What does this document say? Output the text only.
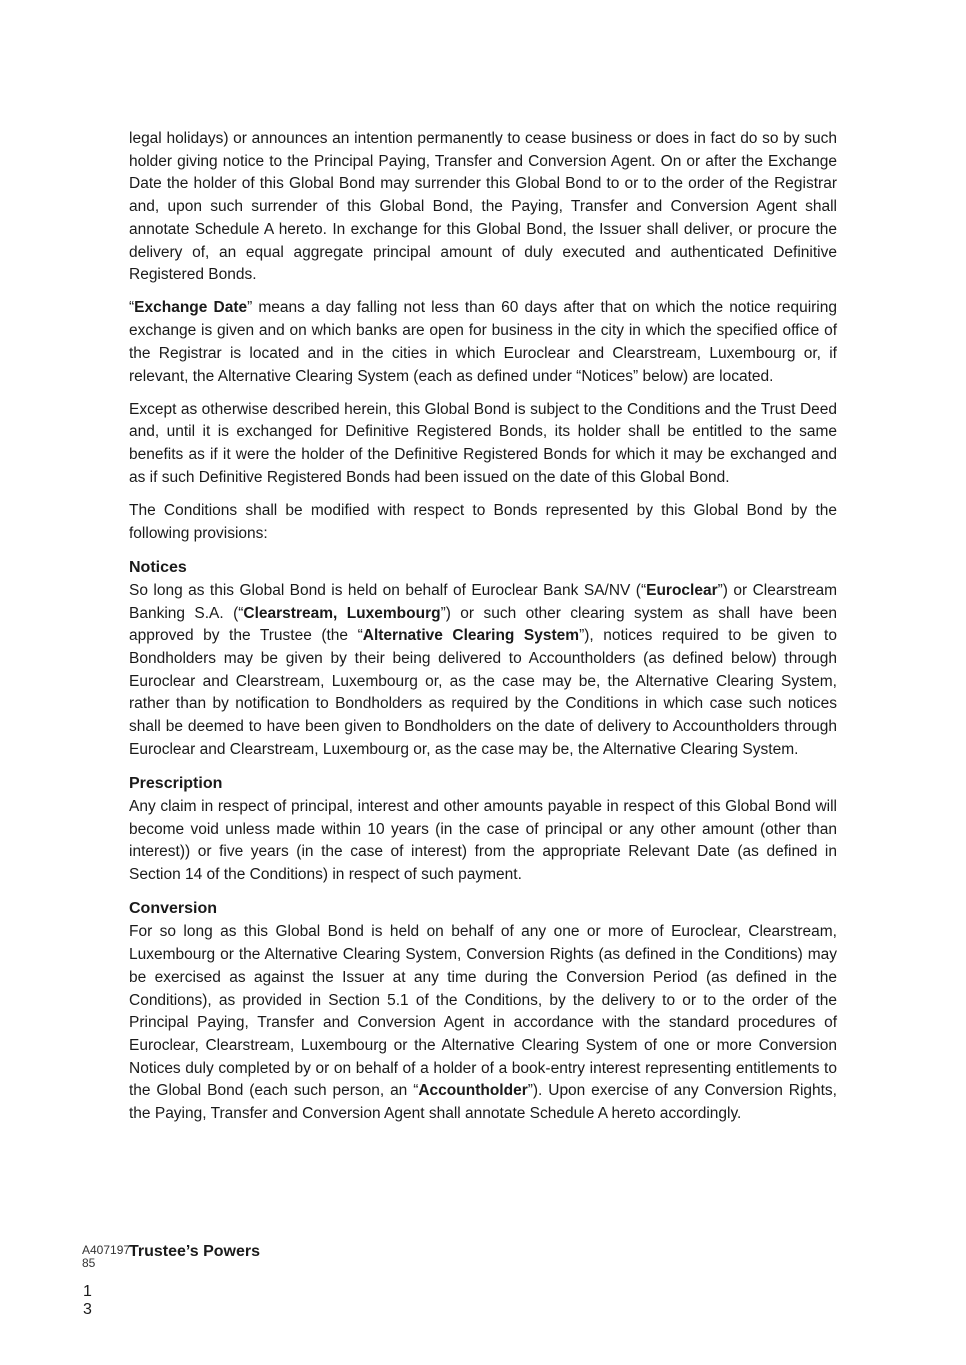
legal holidays) or announces an intention permanently to cease business or does in fact do so by such holder giving notice to the Principal Paying, Transfer and Conversion Agent. On or after the Exchange Date the holder of this Global Bond may surrender this Global Bond to or to the order of the Registrar and, upon such surrender of this Global Bond, the Paying, Transfer and Conversion Agent shall annotate Schedule A hereto. In exchange for this Global Bond, the Issuer shall deliver, or procure the delivery of, an equal aggregate principal amount of duly executed and authenticated Definitive Registered Bonds.

“Exchange Date” means a day falling not less than 60 days after that on which the notice requiring exchange is given and on which banks are open for business in the city in which the specified office of the Registrar is located and in the cities in which Euroclear and Clearstream, Luxembourg or, if relevant, the Alternative Clearing System (each as defined under “Notices” below) are located.

Except as otherwise described herein, this Global Bond is subject to the Conditions and the Trust Deed and, until it is exchanged for Definitive Registered Bonds, its holder shall be entitled to the same benefits as if it were the holder of the Definitive Registered Bonds for which it may be exchanged and as if such Definitive Registered Bonds had been issued on the date of this Global Bond.

The Conditions shall be modified with respect to Bonds represented by this Global Bond by the following provisions:

Notices

So long as this Global Bond is held on behalf of Euroclear Bank SA/NV (“Euroclear”) or Clearstream Banking S.A. (“Clearstream, Luxembourg”) or such other clearing system as shall have been approved by the Trustee (the “Alternative Clearing System”), notices required to be given to Bondholders may be given by their being delivered to Accountholders (as defined below) through Euroclear and Clearstream, Luxembourg or, as the case may be, the Alternative Clearing System, rather than by notification to Bondholders as required by the Conditions in which case such notices shall be deemed to have been given to Bondholders on the date of delivery to Accountholders through Euroclear and Clearstream, Luxembourg or, as the case may be, the Alternative Clearing System.

Prescription

Any claim in respect of principal, interest and other amounts payable in respect of this Global Bond will become void unless made within 10 years (in the case of principal or any other amount (other than interest)) or five years (in the case of interest) from the appropriate Relevant Date (as defined in Section 14 of the Conditions) in respect of such payment.

Conversion

For so long as this Global Bond is held on behalf of any one or more of Euroclear, Clearstream, Luxembourg or the Alternative Clearing System, Conversion Rights (as defined in the Conditions) may be exercised as against the Issuer at any time during the Conversion Period (as defined in the Conditions), as provided in Section 5.1 of the Conditions, by the delivery to or to the order of the Principal Paying, Transfer and Conversion Agent in accordance with the standard procedures of Euroclear, Clearstream, Luxembourg or the Alternative Clearing System of one or more Conversion Notices duly completed by or on behalf of a holder of a book-entry interest representing entitlements to the Global Bond (each such person, an “Accountholder”). Upon exercise of any Conversion Rights, the Paying, Transfer and Conversion Agent shall annotate Schedule A hereto accordingly.

A40719785
Trustee’s Powers
13
